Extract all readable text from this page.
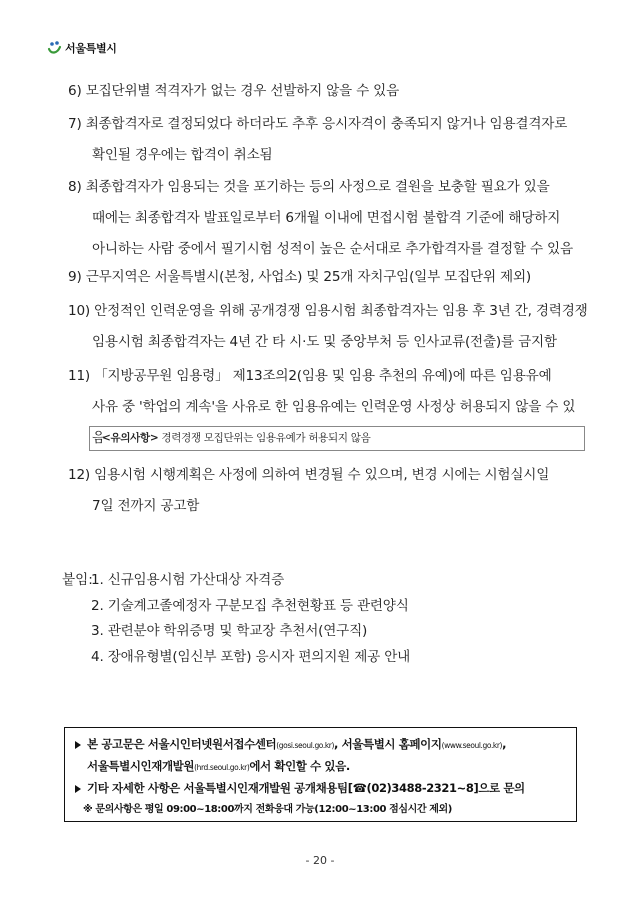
서울특별시
6) 모집단위별 적격자가 없는 경우 선발하지 않을 수 있음
7) 최종합격자로 결정되었다 하더라도 추후 응시자격이 충족되지 않거나 임용결격자로
확인될 경우에는 합격이 취소됨
8) 최종합격자가 임용되는 것을 포기하는 등의 사정으로 결원을 보충할 필요가 있을
때에는 최종합격자 발표일로부터 6개월 이내에 면접시험 불합격 기준에 해당하지
아니하는 사람 중에서 필기시험 성적이 높은 순서대로 추가합격자를 결정할 수 있음
9) 근무지역은 서울특별시(본청, 사업소) 및 25개 자치구임(일부 모집단위 제외)
10) 안정적인 인력운영을 위해 공개경쟁 임용시험 최종합격자는 임용 후 3년 간, 경력경쟁
임용시험 최종합격자는 4년 간 타 시·도 및 중앙부처 등 인사교류(전출)를 금지함
11) 「지방공무원 임용령」 제13조의2(임용 및 임용 추천의 유예)에 따른 임용유예
사유 중 '학업의 계속'을 사유로 한 임용유예는 인력운영 사정상 허용되지 않을 수 있음
<유의사항> 경력경쟁 모집단위는 임용유예가 허용되지 않음
12) 임용시험 시행계획은 사정에 의하여 변경될 수 있으며, 변경 시에는 시험실시일
7일 전까지 공고함
붙임:
1. 신규임용시험 가산대상 자격증
2. 기술계고졸예정자 구분모집 추천현황표 등 관련양식
3. 관련분야 학위증명 및 학교장 추천서(연구직)
4. 장애유형별(임신부 포함) 응시자 편의지원 제공 안내
본 공고문은 서울시인터넷원서접수센터(gosi.seoul.go.kr), 서울특별시 홈페이지(www.seoul.go.kr),
서울특별시인재개발원(hrd.seoul.go.kr)에서 확인할 수 있음.
기타 자세한 사항은 서울특별시인재개발원 공개채용팀[☎(02)3488-2321~8]으로 문의
※ 문의사항은 평일 09:00~18:00까지 전화응대 가능(12:00~13:00 점심시간 제외)
- 20 -
